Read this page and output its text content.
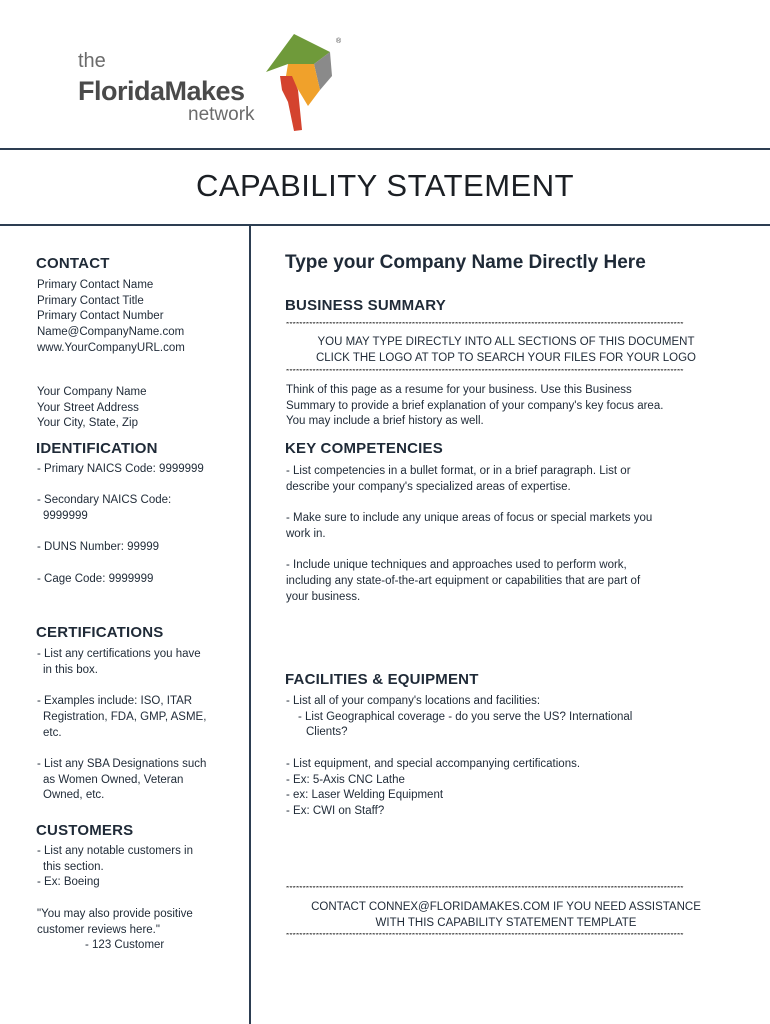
the
FloridaMakes
network
®
CAPABILITY STATEMENT
CONTACT
Primary Contact Name
Primary Contact Title
Primary Contact Number
Name@CompanyName.com
www.YourCompanyURL.com
Your Company Name
Your Street Address
Your City, State, Zip
IDENTIFICATION
- Primary NAICS Code: 9999999
- Secondary NAICS Code:
9999999
- DUNS Number: 99999
- Cage Code: 9999999
CERTIFICATIONS
- List any certifications you have
in this box.
- Examples include: ISO, ITAR
Registration, FDA, GMP, ASME,
etc.
- List any SBA Designations such
as Women Owned, Veteran
Owned, etc.
CUSTOMERS
- List any notable customers in
this section.
- Ex: Boeing
"You may also provide positive
customer reviews here."
- 123 Customer
Type your Company Name Directly Here
BUSINESS SUMMARY
************************************************************************************************************************
YOU MAY TYPE DIRECTLY INTO ALL SECTIONS OF THIS DOCUMENT
CLICK THE LOGO AT TOP TO SEARCH YOUR FILES FOR YOUR LOGO
************************************************************************************************************************
Think of this page as a resume for your business. Use this Business
Summary to provide a brief explanation of your company's key focus area.
You may include a brief history as well.
KEY COMPETENCIES
- List competencies in a bullet format, or in a brief paragraph. List or
describe your company's specialized areas of expertise.
- Make sure to include any unique areas of focus or special markets you
work in.
- Include unique techniques and approaches used to perform work,
including any state-of-the-art equipment or capabilities that are part of
your business.
FACILITIES & EQUIPMENT
- List all of your company's locations and facilities:
- List Geographical coverage - do you serve the US? International
Clients?
- List equipment, and special accompanying certifications.
- Ex: 5-Axis CNC Lathe
- ex: Laser Welding Equipment
- Ex: CWI on Staff?
************************************************************************************************************************
CONTACT CONNEX@FLORIDAMAKES.COM IF YOU NEED ASSISTANCE
WITH THIS CAPABILITY STATEMENT TEMPLATE
************************************************************************************************************************
